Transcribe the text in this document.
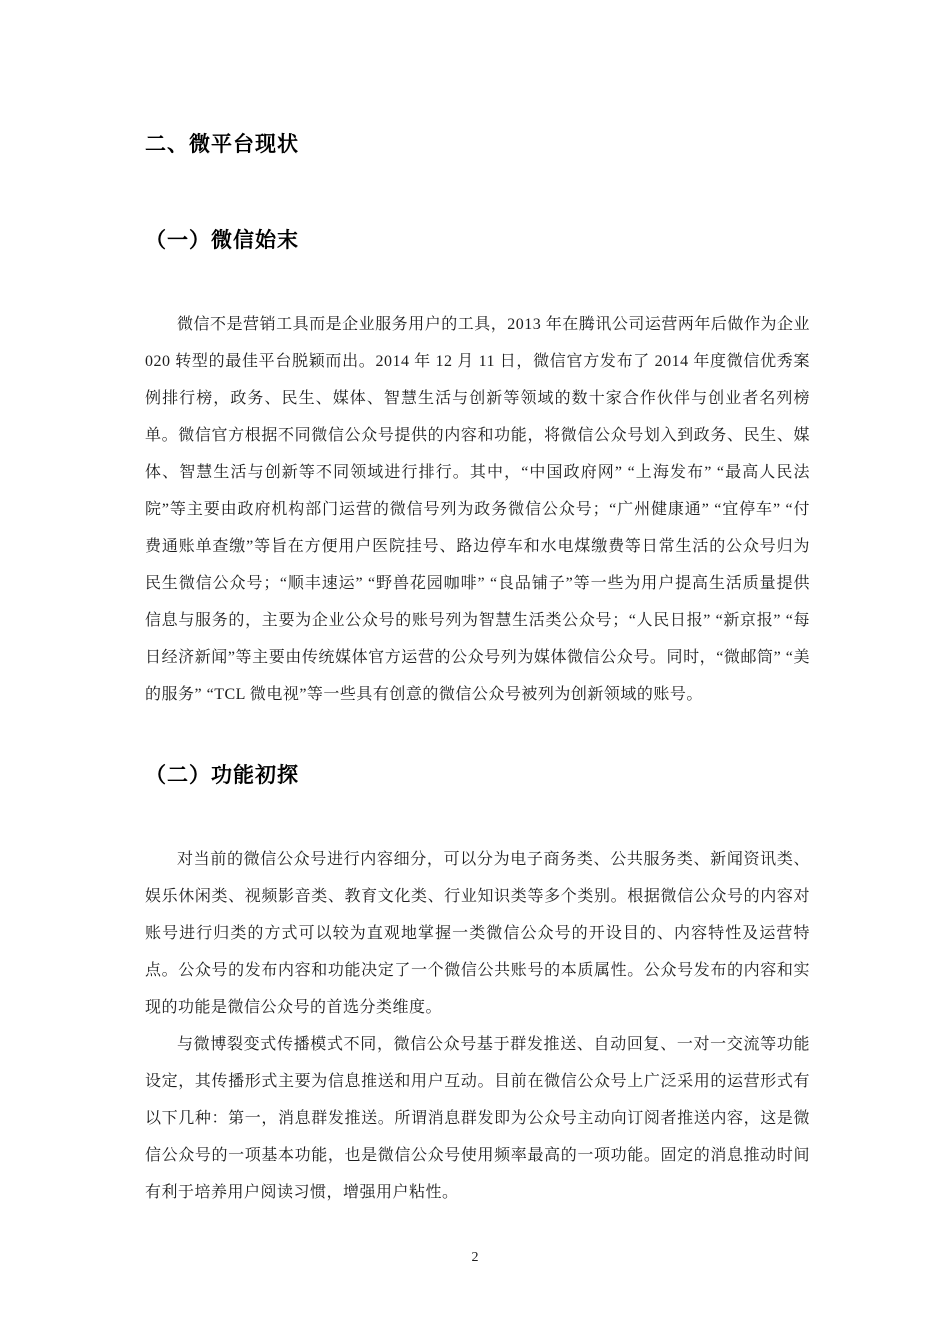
二、微平台现状
（一）微信始末

微信不是营销工具而是企业服务用户的工具，2013 年在腾讯公司运营两年后做作为企业 020 转型的最佳平台脱颖而出。2014 年 12 月 11 日，微信官方发布了 2014 年度微信优秀案例排行榜，政务、民生、媒体、智慧生活与创新等领域的数十家合作伙伴与创业者名列榜单。微信官方根据不同微信公众号提供的内容和功能，将微信公众号划入到政务、民生、媒体、智慧生活与创新等不同领域进行排行。其中，“中国政府网” “上海发布” “最高人民法院”等主要由政府机构部门运营的微信号列为政务微信公众号；“广州健康通” “宜停车” “付费通账单查缴”等旨在方便用户医院挂号、路边停车和水电煤缴费等日常生活的公众号归为民生微信公众号；“顺丰速运” “野兽花园咖啡” “良品铺子”等一些为用户提高生活质量提供信息与服务的，主要为企业公众号的账号列为智慧生活类公众号；“人民日报” “新京报” “每日经济新闻”等主要由传统媒体官方运营的公众号列为媒体微信公众号。同时，“微邮筒” “美的服务” “TCL 微电视”等一些具有创意的微信公众号被列为创新领域的账号。

（二）功能初探

对当前的微信公众号进行内容细分，可以分为电子商务类、公共服务类、新闻资讯类、娱乐休闲类、视频影音类、教育文化类、行业知识类等多个类别。根据微信公众号的内容对账号进行归类的方式可以较为直观地掌握一类微信公众号的开设目的、内容特性及运营特点。公众号的发布内容和功能决定了一个微信公共账号的本质属性。公众号发布的内容和实现的功能是微信公众号的首选分类维度。

与微博裂变式传播模式不同，微信公众号基于群发推送、自动回复、一对一交流等功能设定，其传播形式主要为信息推送和用户互动。目前在微信公众号上广泛采用的运营形式有以下几种：第一，消息群发推送。所谓消息群发即为公众号主动向订阅者推送内容，这是微信公众号的一项基本功能，也是微信公众号使用频率最高的一项功能。固定的消息推动时间有利于培养用户阅读习惯，增强用户粘性。

2
